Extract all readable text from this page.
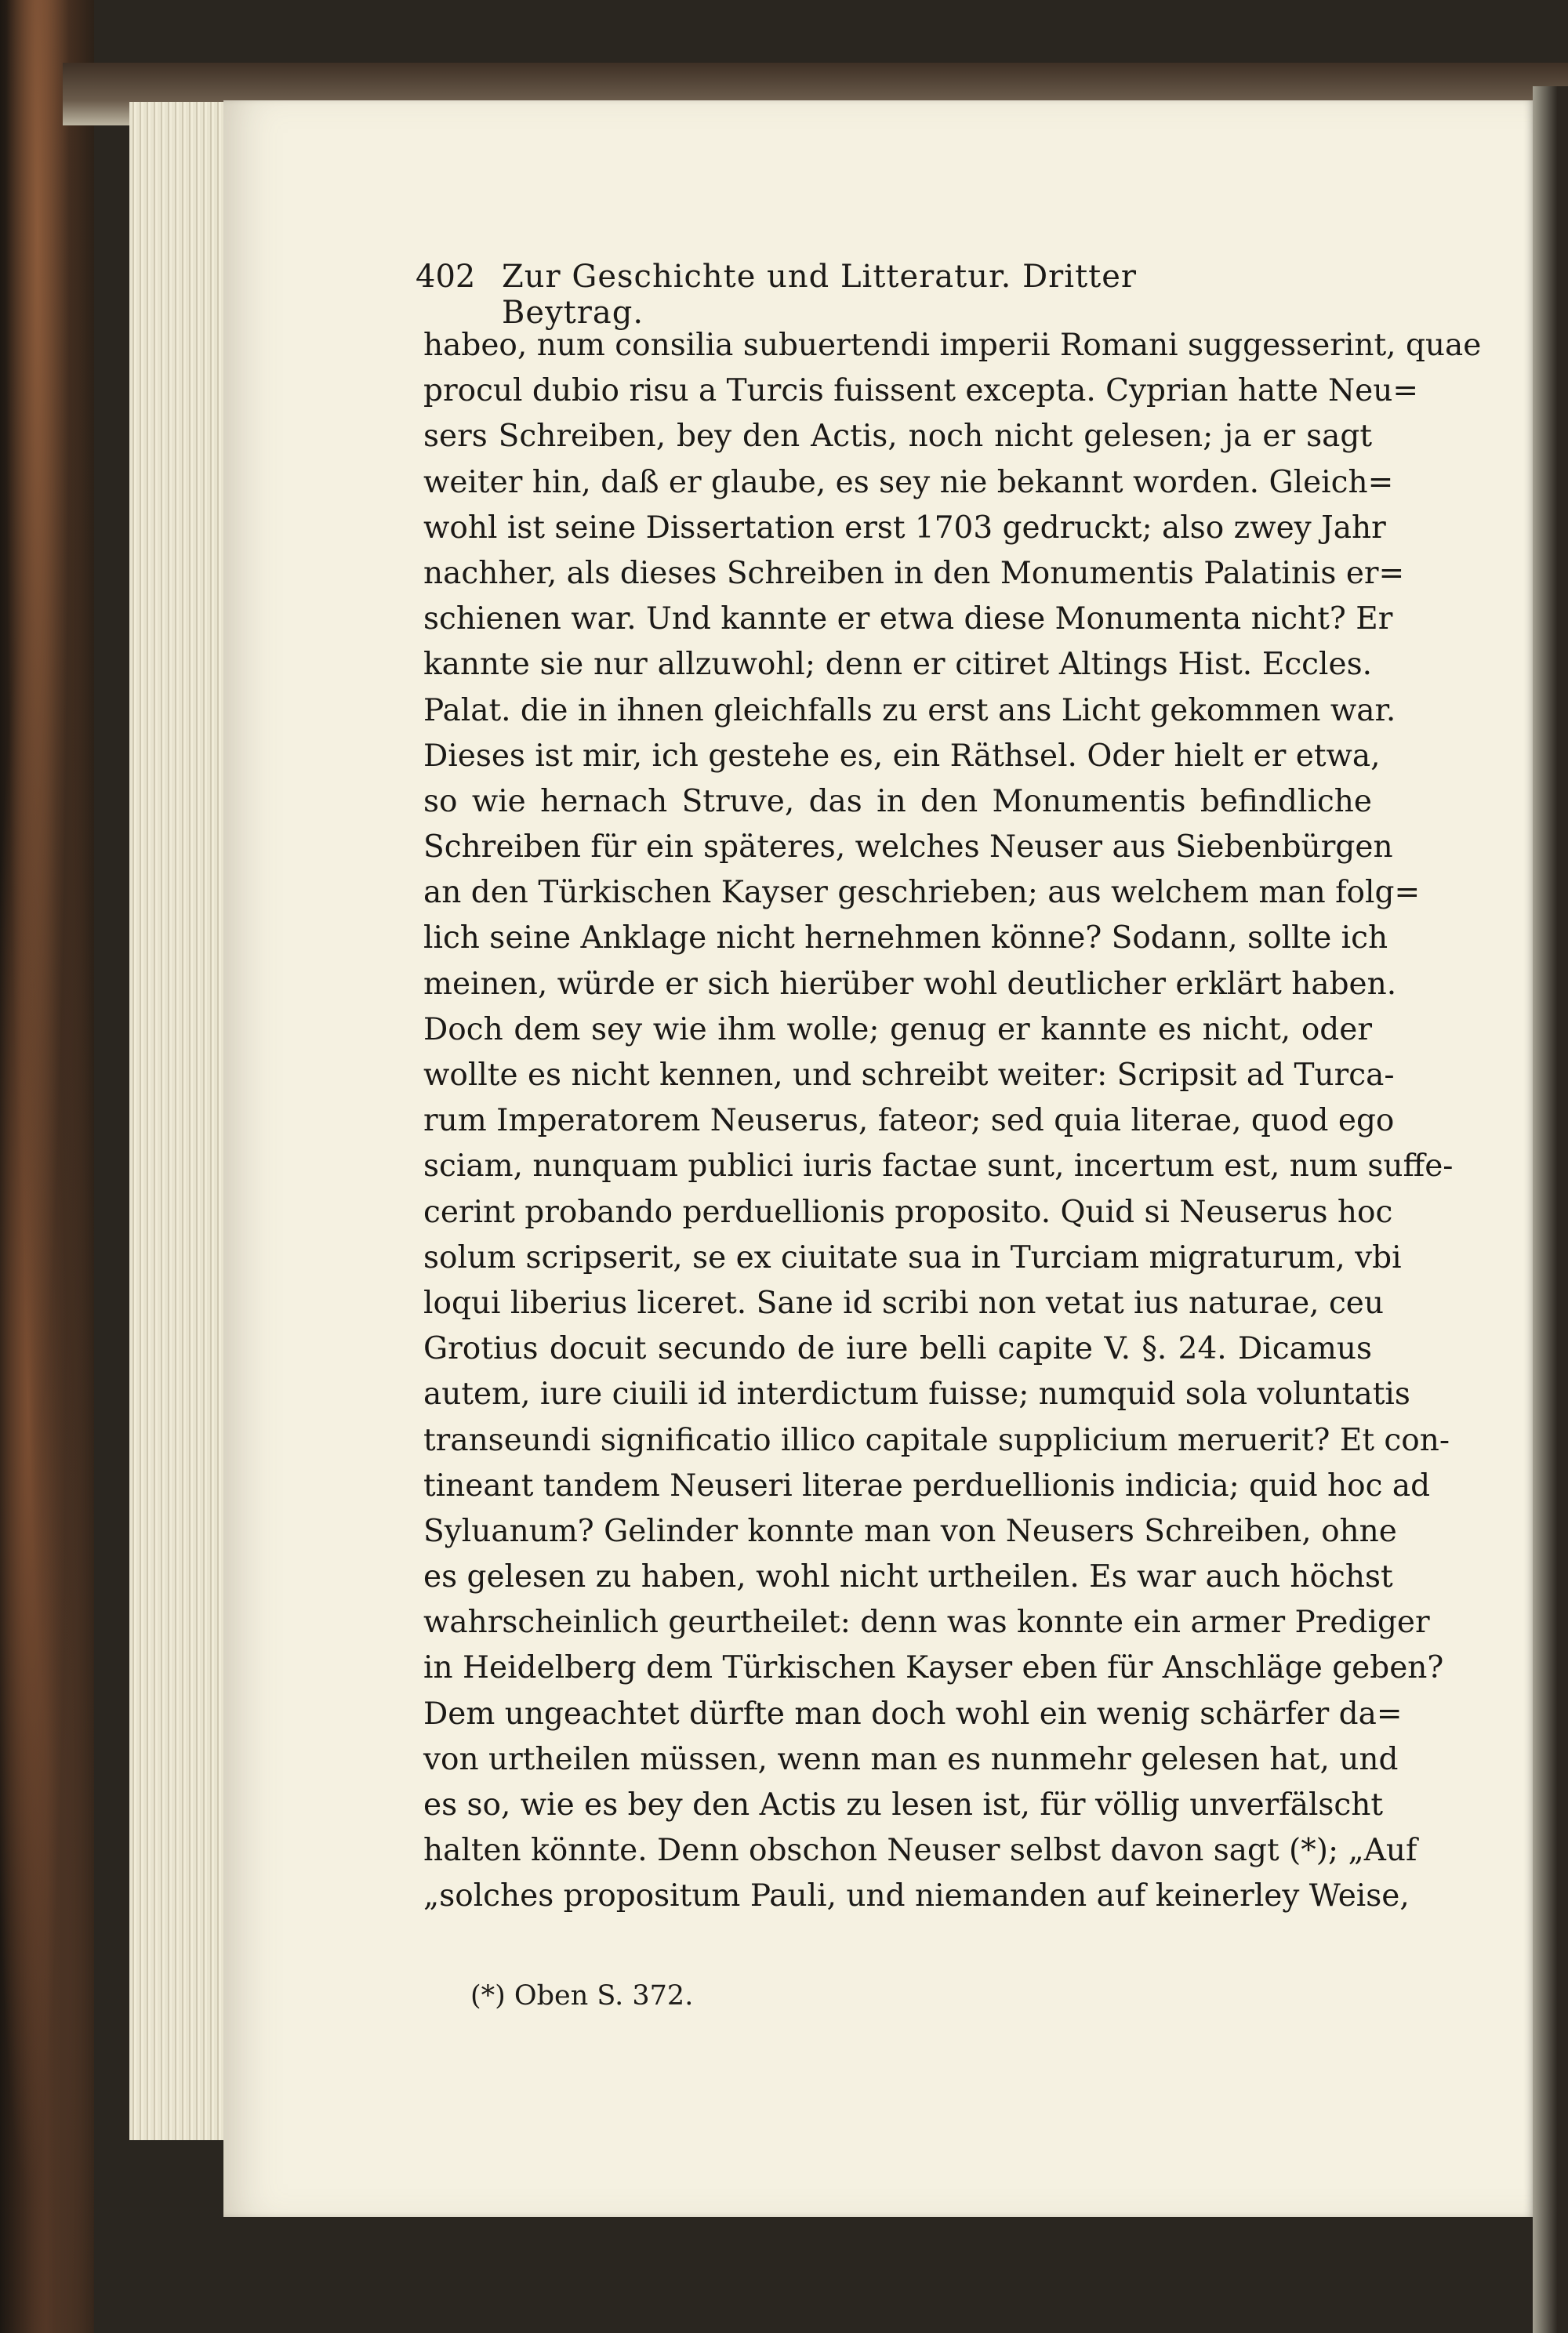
402 Zur Geschichte und Litteratur. Dritter Beytrag.
habeo, num consilia subuertendi imperii Romani suggesserint, quae
procul dubio risu a Turcis fuissent excepta. Cyprian hatte Neu=
sers Schreiben, bey den Actis, noch nicht gelesen; ja er sagt
weiter hin, daß er glaube, es sey nie bekannt worden. Gleich=
wohl ist seine Dissertation erst 1703 gedruckt; also zwey Jahr
nachher, als dieses Schreiben in den Monumentis Palatinis er=
schienen war. Und kannte er etwa diese Monumenta nicht? Er
kannte sie nur allzuwohl; denn er citiret Altings Hist. Eccles.
Palat. die in ihnen gleichfalls zu erst ans Licht gekommen war.
Dieses ist mir, ich gestehe es, ein Räthsel. Oder hielt er etwa,
so wie hernach Struve, das in den Monumentis befindliche
Schreiben für ein späteres, welches Neuser aus Siebenbürgen
an den Türkischen Kayser geschrieben; aus welchem man folg=
lich seine Anklage nicht hernehmen könne? Sodann, sollte ich
meinen, würde er sich hierüber wohl deutlicher erklärt haben.
Doch dem sey wie ihm wolle; genug er kannte es nicht, oder
wollte es nicht kennen, und schreibt weiter: Scripsit ad Turca-
rum Imperatorem Neuserus, fateor; sed quia literae, quod ego
sciam, nunquam publici iuris factae sunt, incertum est, num suffe-
cerint probando perduellionis proposito. Quid si Neuserus hoc
solum scripserit, se ex ciuitate sua in Turciam migraturum, vbi
loqui liberius liceret. Sane id scribi non vetat ius naturae, ceu
Grotius docuit secundo de iure belli capite V. §. 24. Dicamus
autem, iure ciuili id interdictum fuisse; numquid sola voluntatis
transeundi significatio illico capitale supplicium meruerit? Et con-
tineant tandem Neuseri literae perduellionis indicia; quid hoc ad
Syluanum? Gelinder konnte man von Neusers Schreiben, ohne
es gelesen zu haben, wohl nicht urtheilen. Es war auch höchst
wahrscheinlich geurtheilet: denn was konnte ein armer Prediger
in Heidelberg dem Türkischen Kayser eben für Anschläge geben?
Dem ungeachtet dürfte man doch wohl ein wenig schärfer da=
von urtheilen müssen, wenn man es nunmehr gelesen hat, und
es so, wie es bey den Actis zu lesen ist, für völlig unverfälscht
halten könnte. Denn obschon Neuser selbst davon sagt (*); „Auf
„solches propositum Pauli, und niemanden auf keinerley Weise,
(*) Oben S. 372.
